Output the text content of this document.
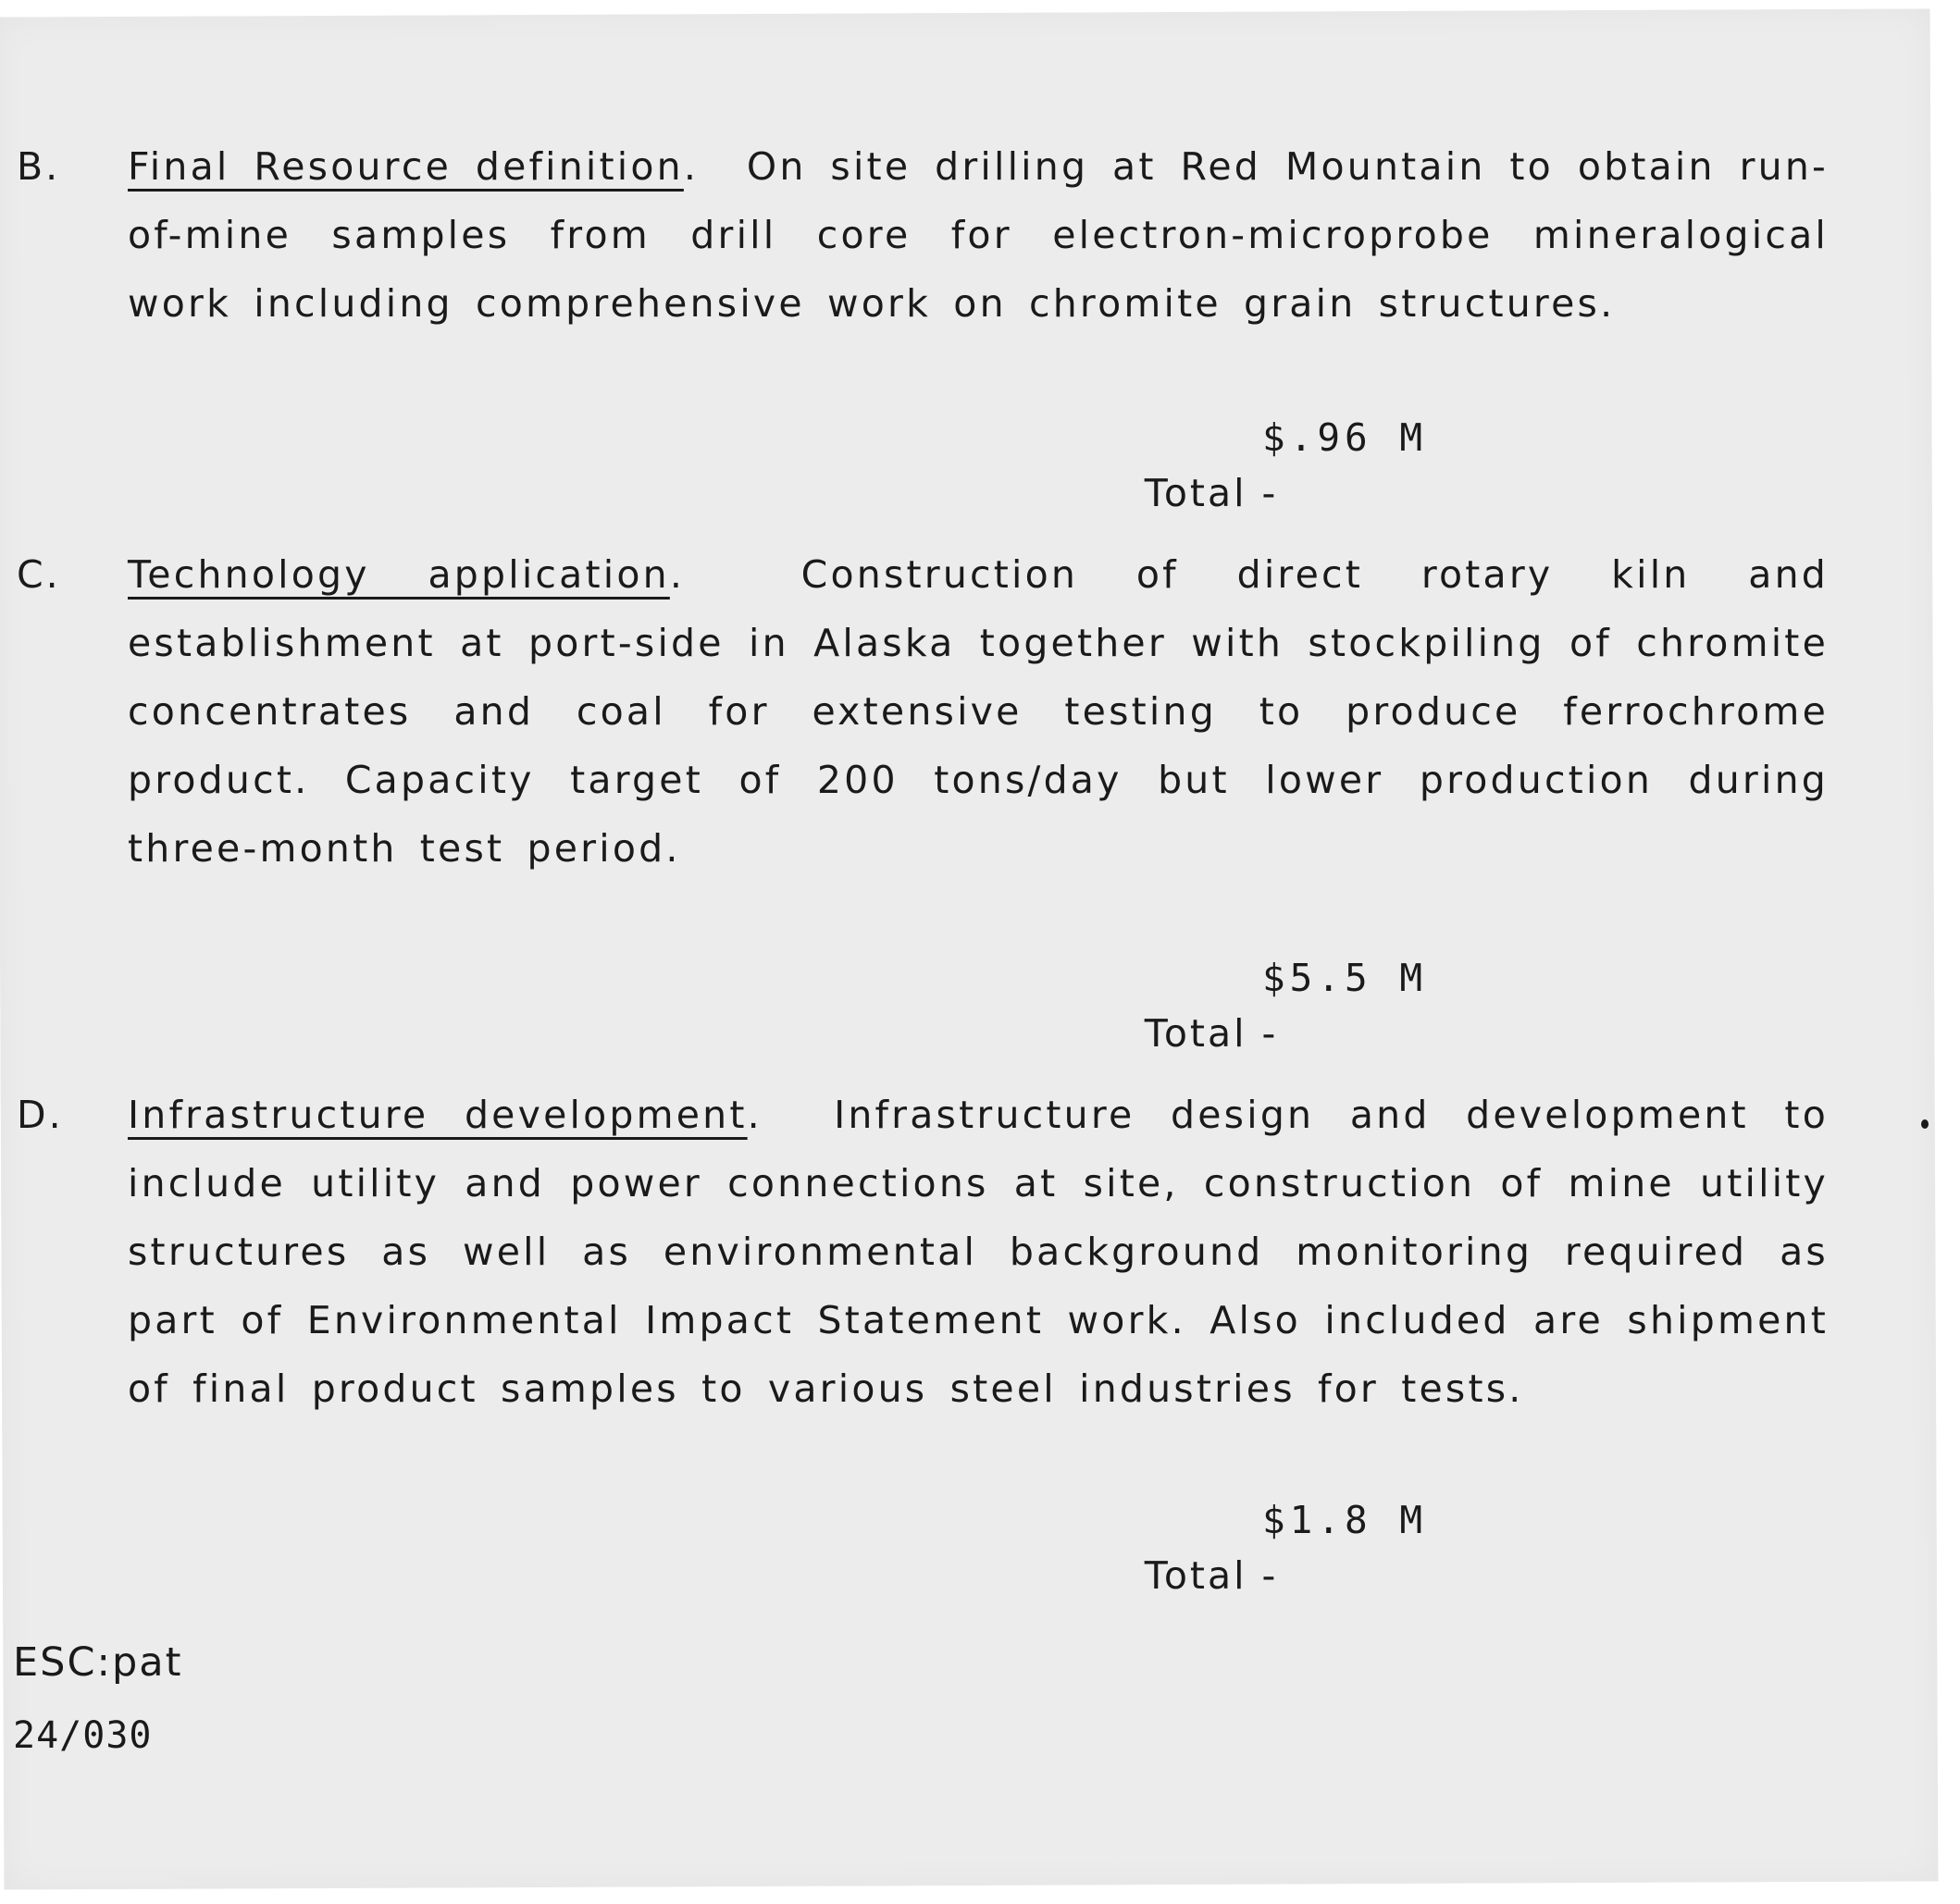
B. Final Resource definition. On site drilling at Red Mountain to obtain run-of-mine samples from drill core for electron-microprobe mineralogical work including comprehensive work on chromite grain structures.

Total -
$.96 M

C. Technology application.	Construction of direct rotary kiln and establishment at port-side in Alaska together with stockpiling of chromite concentrates and coal for extensive testing to produce ferrochrome product. Capacity target of 200 tons/day but lower production during three-month test period.

Total -
$5.5 M

D. Infrastructure development. Infrastructure design and development to include utility and power connections at site, construction of mine utility structures as well as environmental background monitoring required as part of Environmental Impact Statement work. Also included are shipment of final product samples to various steel industries for tests.

Total -
$1.8 M

ESC:pat
24/030
